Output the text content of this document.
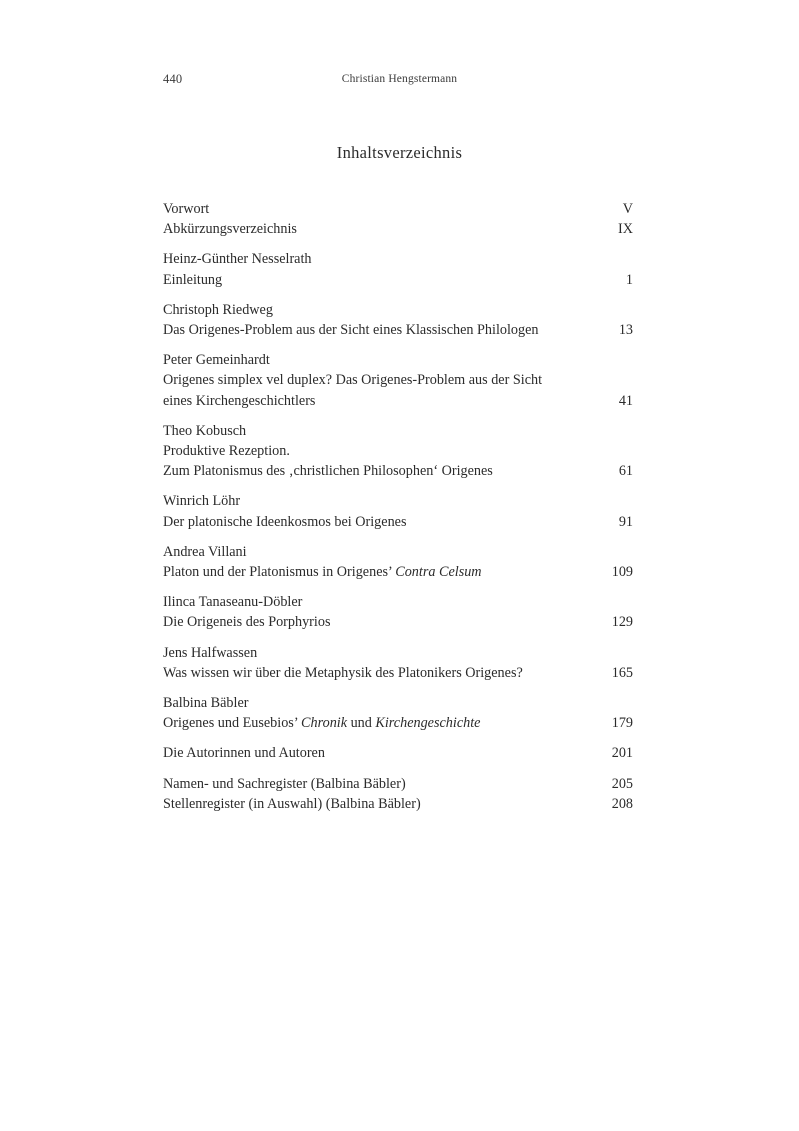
440	Christian Hengstermann
Inhaltsverzeichnis
Vorwort	V
Abkürzungsverzeichnis	IX
Heinz-Günther Nesselrath
Einleitung	1
Christoph Riedweg
Das Origenes-Problem aus der Sicht eines Klassischen Philologen	13
Peter Gemeinhardt
Origenes simplex vel duplex? Das Origenes-Problem aus der Sicht
eines Kirchengeschichtlers	41
Theo Kobusch
Produktive Rezeption.
Zum Platonismus des ‚christlichen Philosophen‘ Origenes	61
Winrich Löhr
Der platonische Ideenkosmos bei Origenes	91
Andrea Villani
Platon und der Platonismus in Origenes’ Contra Celsum	109
Ilinca Tanaseanu-Döbler
Die Origeneis des Porphyrios	129
Jens Halfwassen
Was wissen wir über die Metaphysik des Platonikers Origenes?	165
Balbina Bäbler
Origenes und Eusebios’ Chronik und Kirchengeschichte	179
Die Autorinnen und Autoren	201
Namen- und Sachregister (Balbina Bäbler)	205
Stellenregister (in Auswahl) (Balbina Bäbler)	208
